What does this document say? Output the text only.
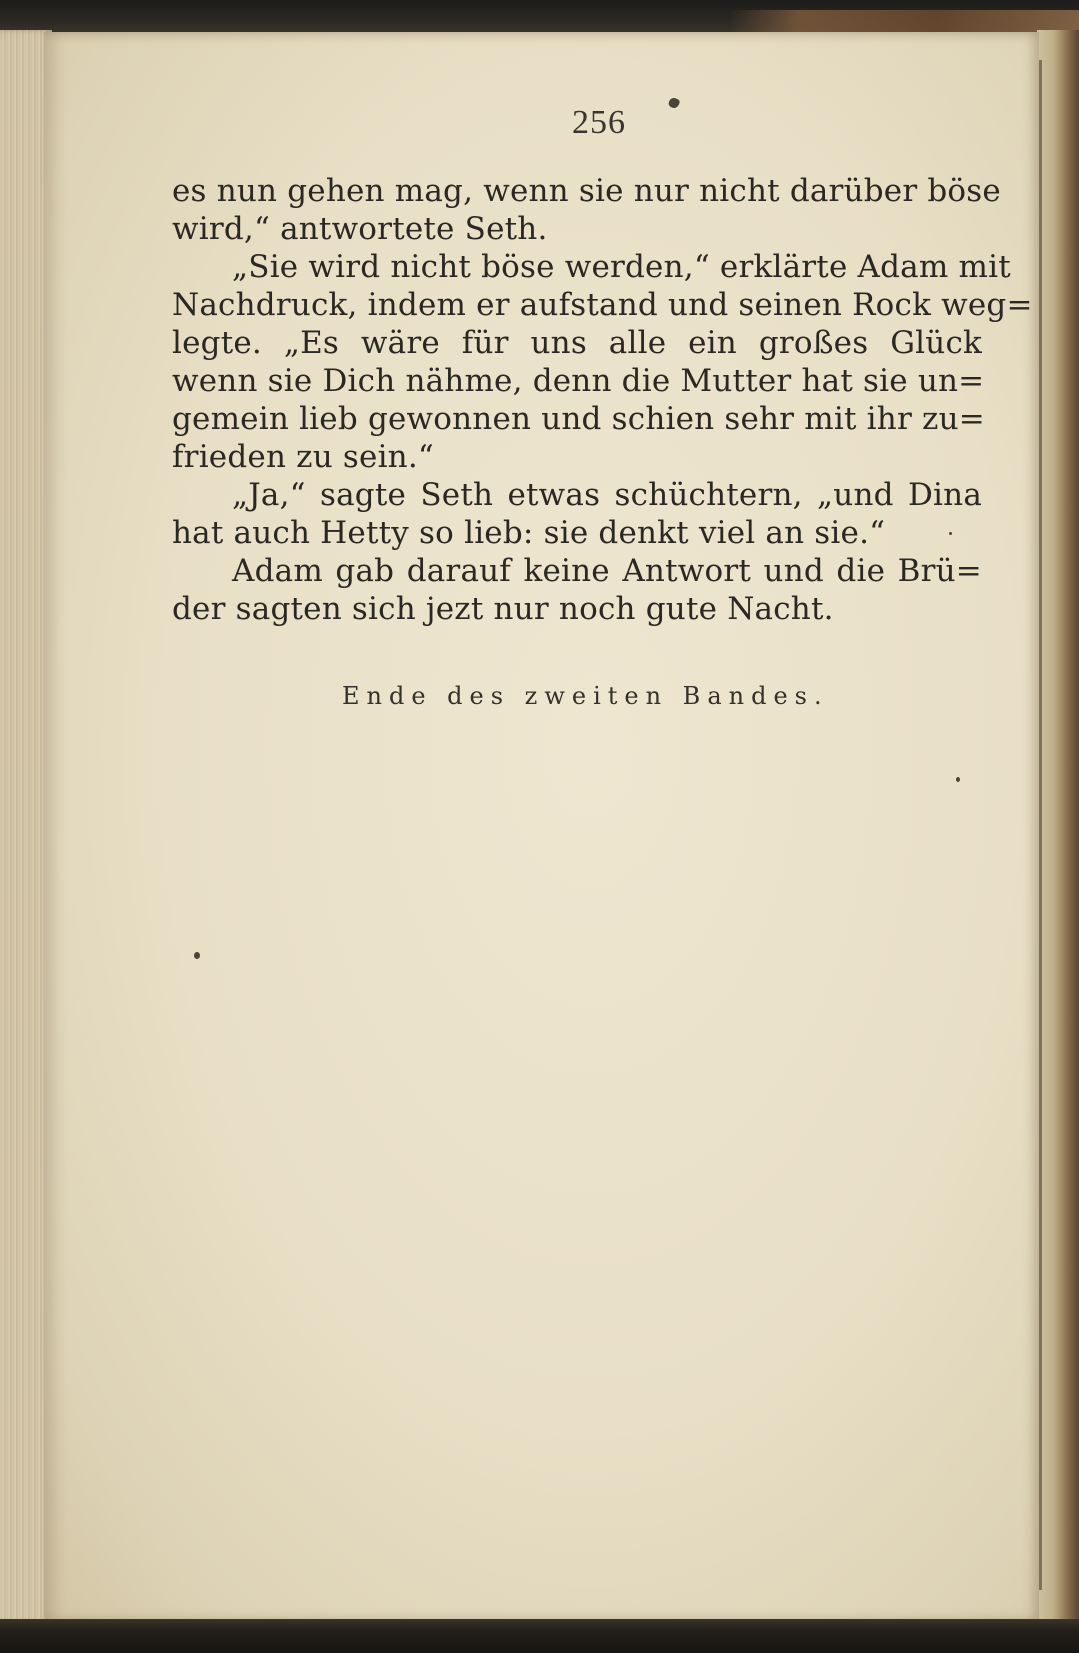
256
es nun gehen mag, wenn sie nur nicht darüber böse
wird,“ antwortete Seth.
„Sie wird nicht böse werden,“ erklärte Adam mit
Nachdruck, indem er aufstand und seinen Rock weg=
legte. „Es wäre für uns alle ein großes Glück
wenn sie Dich nähme, denn die Mutter hat sie un=
gemein lieb gewonnen und schien sehr mit ihr zu=
frieden zu sein.“
„Ja,“ sagte Seth etwas schüchtern, „und Dina
hat auch Hetty so lieb: sie denkt viel an sie.“
Adam gab darauf keine Antwort und die Brü=
der sagten sich jezt nur noch gute Nacht.
Ende des zweiten Bandes.
